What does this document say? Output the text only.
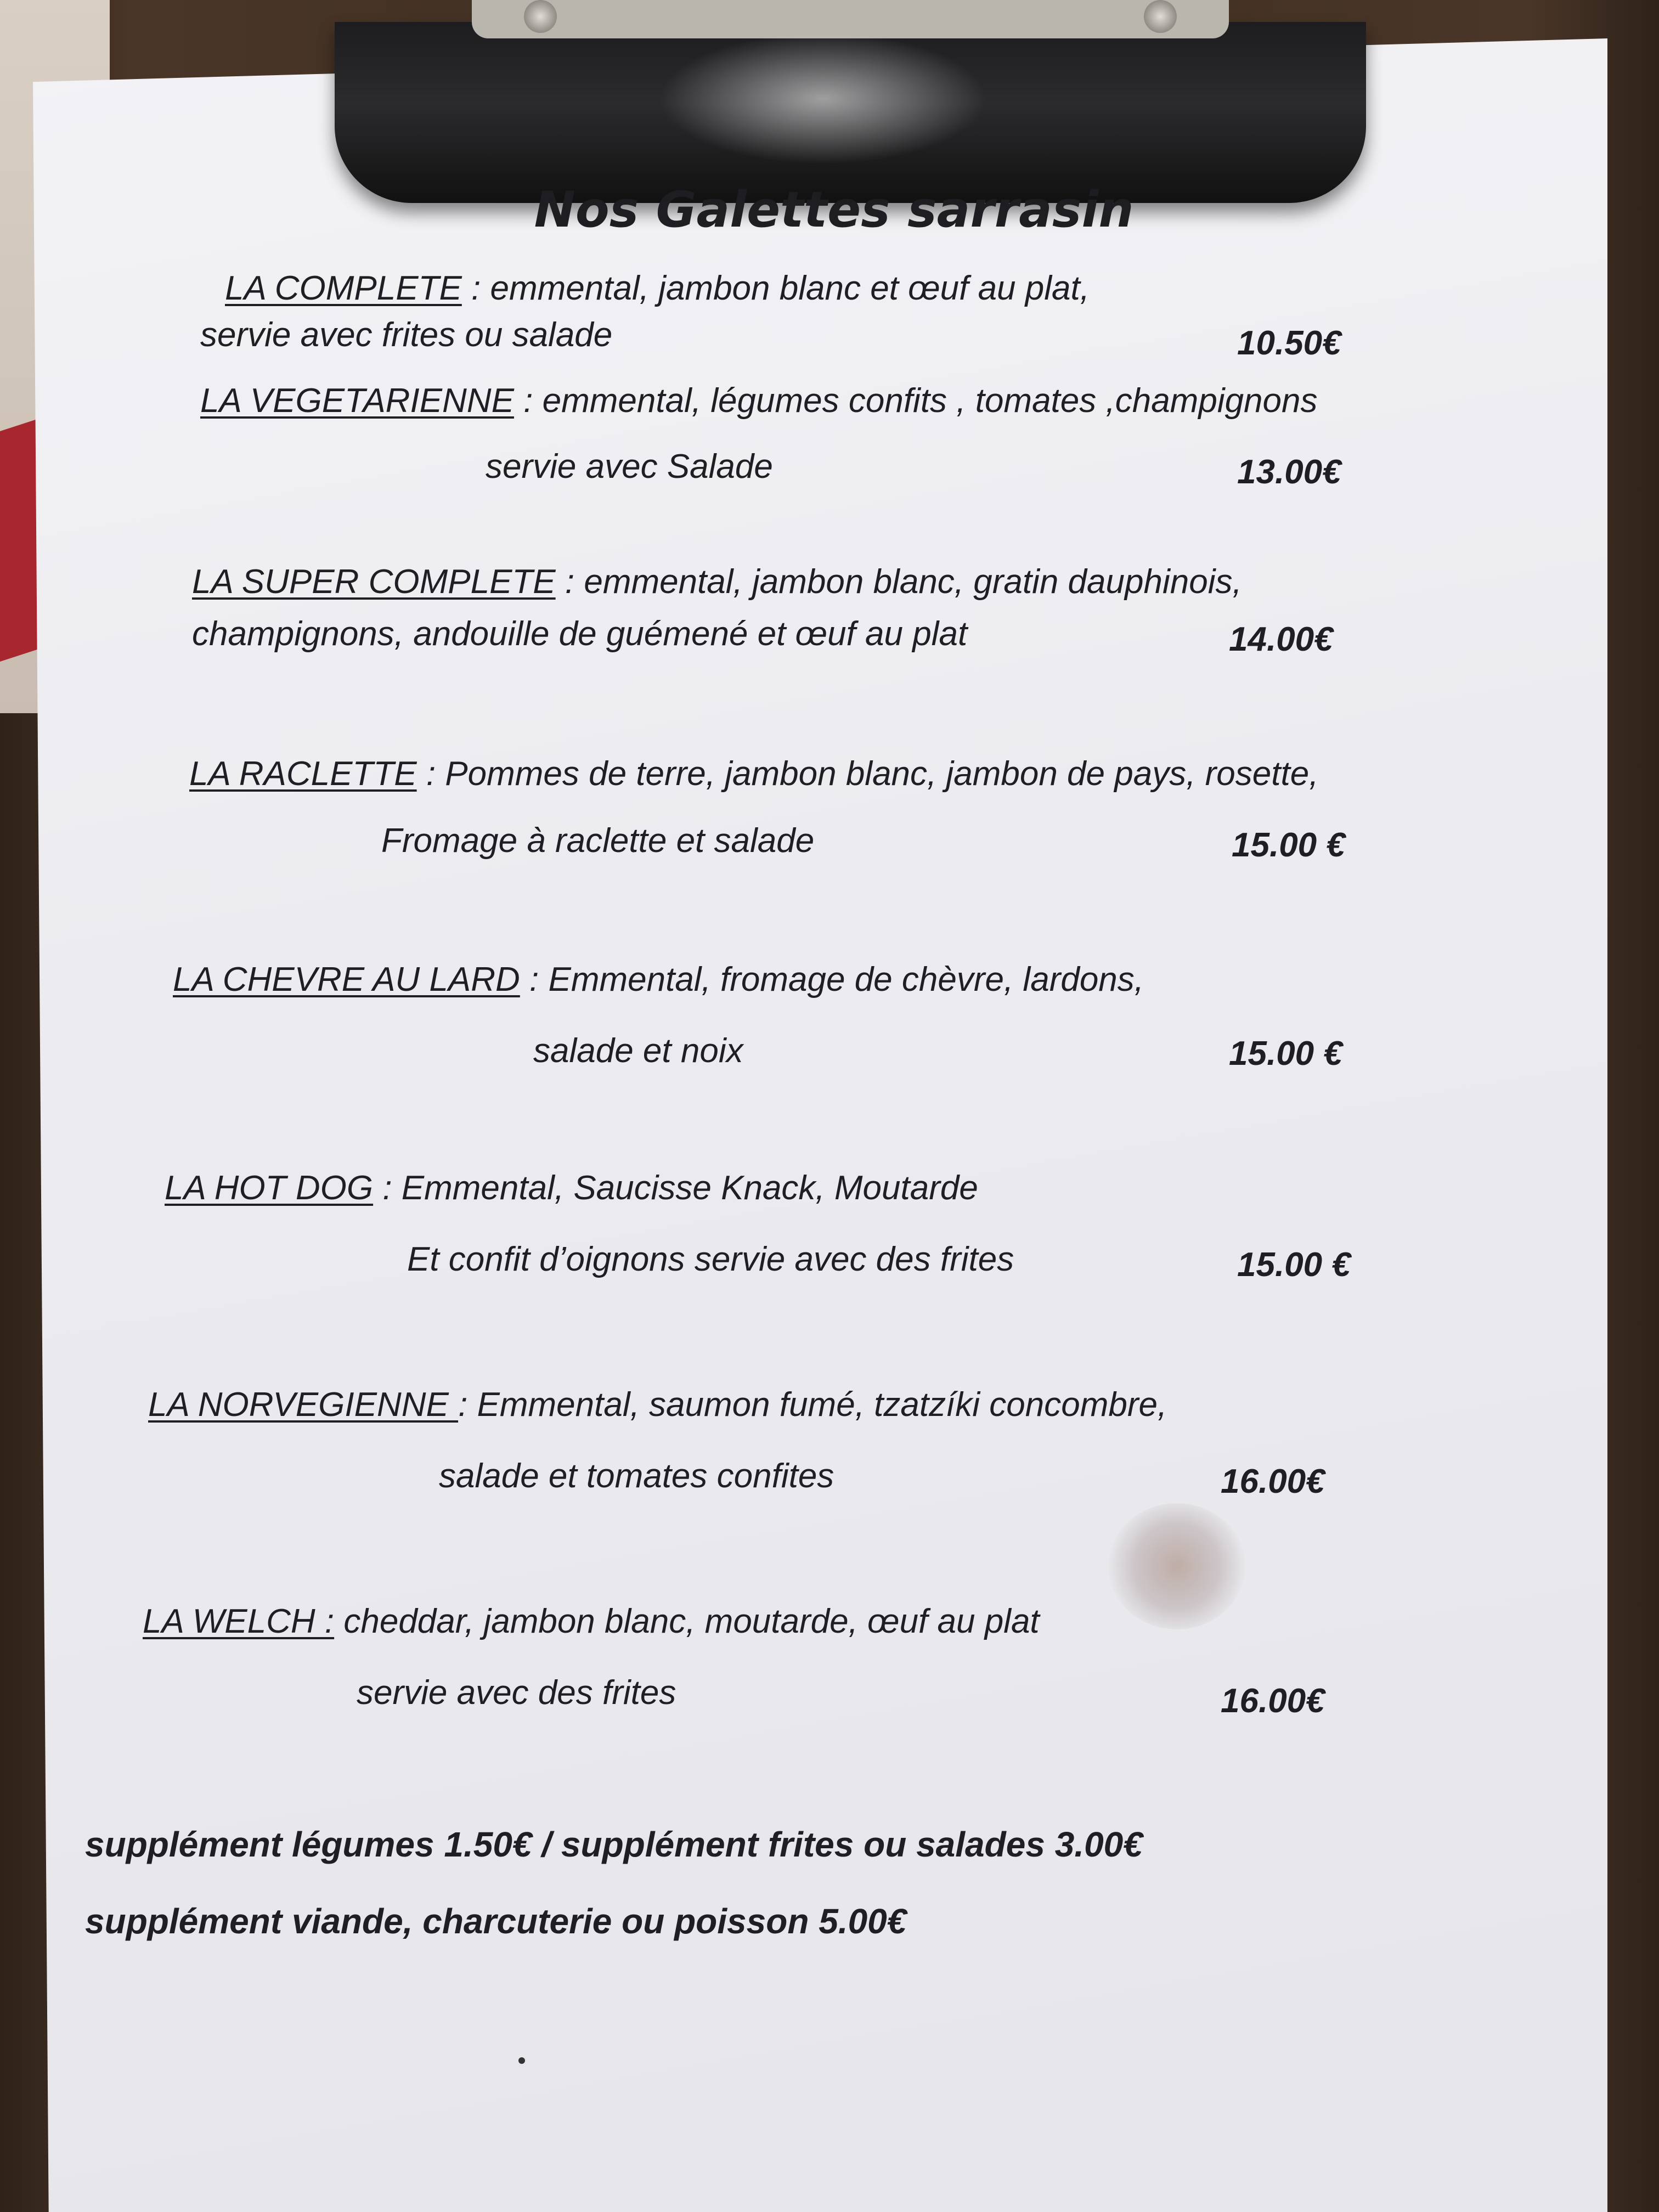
Nos Galettes sarrasin
LA COMPLETE : emmental, jambon blanc et œuf au plat,
servie avec frites ou salade	10.50€
LA VEGETARIENNE : emmental, légumes confits , tomates ,champignons
servie avec Salade	13.00€
LA SUPER COMPLETE : emmental, jambon blanc, gratin dauphinois,
champignons, andouille de guémené et œuf au plat	14.00€
LA RACLETTE : Pommes de terre, jambon blanc, jambon de pays, rosette,
Fromage à raclette et salade	15.00 €
LA CHEVRE AU LARD : Emmental, fromage de chèvre, lardons,
salade et noix	15.00 €
LA HOT DOG : Emmental, Saucisse Knack, Moutarde
Et confit d’oignons servie avec des frites	15.00 €
LA NORVEGIENNE : Emmental, saumon fumé, tzatzíki concombre,
salade et tomates confites	16.00€
LA WELCH : cheddar, jambon blanc, moutarde, œuf au plat
servie avec des frites	16.00€
supplément légumes 1.50€ / supplément frites ou salades 3.00€
supplément viande, charcuterie ou poisson 5.00€
